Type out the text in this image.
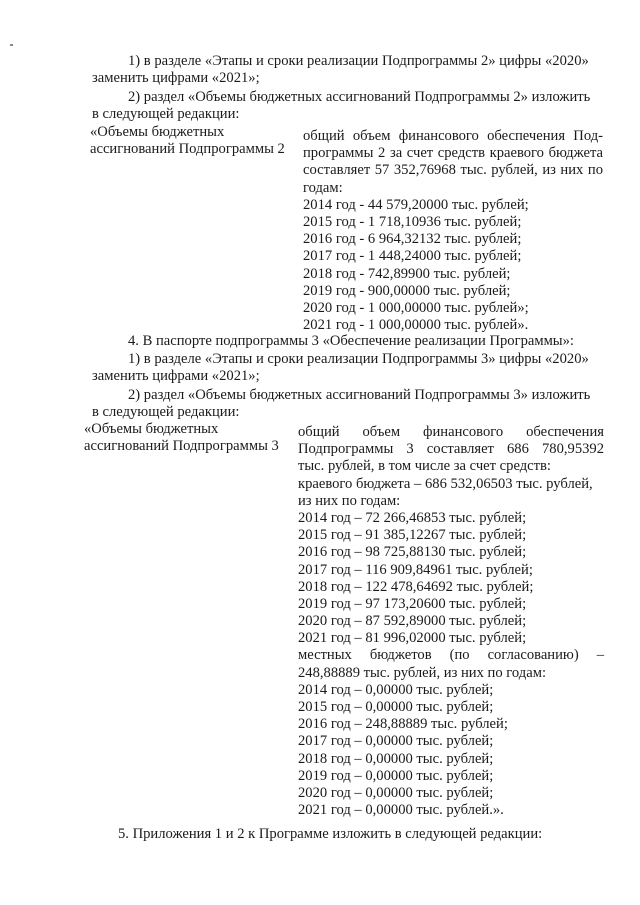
1) в разделе «Этапы и сроки реализации Подпрограммы 2» цифры «2020»
заменить цифрами «2021»;
2) раздел «Объемы бюджетных ассигнований Подпрограммы 2» изложить
в следующей редакции:
«Объемы бюджетных
ассигнований Подпрограммы 2
общий объем финансового обеспечения Под-
программы 2 за счет средств краевого бюджета
составляет 57 352,76968 тыс. рублей, из них по
годам:
2014 год - 44 579,20000 тыс. рублей;
2015 год - 1 718,10936 тыс. рублей;
2016 год - 6 964,32132 тыс. рублей;
2017 год - 1 448,24000 тыс. рублей;
2018 год - 742,89900 тыс. рублей;
2019 год - 900,00000 тыс. рублей;
2020 год - 1 000,00000 тыс. рублей»;
2021 год - 1 000,00000 тыс. рублей».
4. В паспорте подпрограммы 3 «Обеспечение реализации Программы»:
1) в разделе «Этапы и сроки реализации Подпрограммы 3» цифры «2020»
заменить цифрами «2021»;
2) раздел «Объемы бюджетных ассигнований Подпрограммы 3» изложить
в следующей редакции:
«Объемы бюджетных
ассигнований Подпрограммы 3
общий объем финансового обеспечения
Подпрограммы 3 составляет 686 780,95392
тыс. рублей, в том числе за счет средств:
краевого бюджета – 686 532,06503 тыс. рублей,
из них по годам:
2014 год – 72 266,46853 тыс. рублей;
2015 год – 91 385,12267 тыс. рублей;
2016 год – 98 725,88130 тыс. рублей;
2017 год – 116 909,84961 тыс. рублей;
2018 год – 122 478,64692 тыс. рублей;
2019 год – 97 173,20600 тыс. рублей;
2020 год – 87 592,89000 тыс. рублей;
2021 год – 81 996,02000 тыс. рублей;
местных бюджетов (по согласованию) –
248,88889 тыс. рублей, из них по годам:
2014 год – 0,00000 тыс. рублей;
2015 год – 0,00000 тыс. рублей;
2016 год – 248,88889 тыс. рублей;
2017 год – 0,00000 тыс. рублей;
2018 год – 0,00000 тыс. рублей;
2019 год – 0,00000 тыс. рублей;
2020 год – 0,00000 тыс. рублей;
2021 год – 0,00000 тыс. рублей.».
5. Приложения 1 и 2 к Программе изложить в следующей редакции:
